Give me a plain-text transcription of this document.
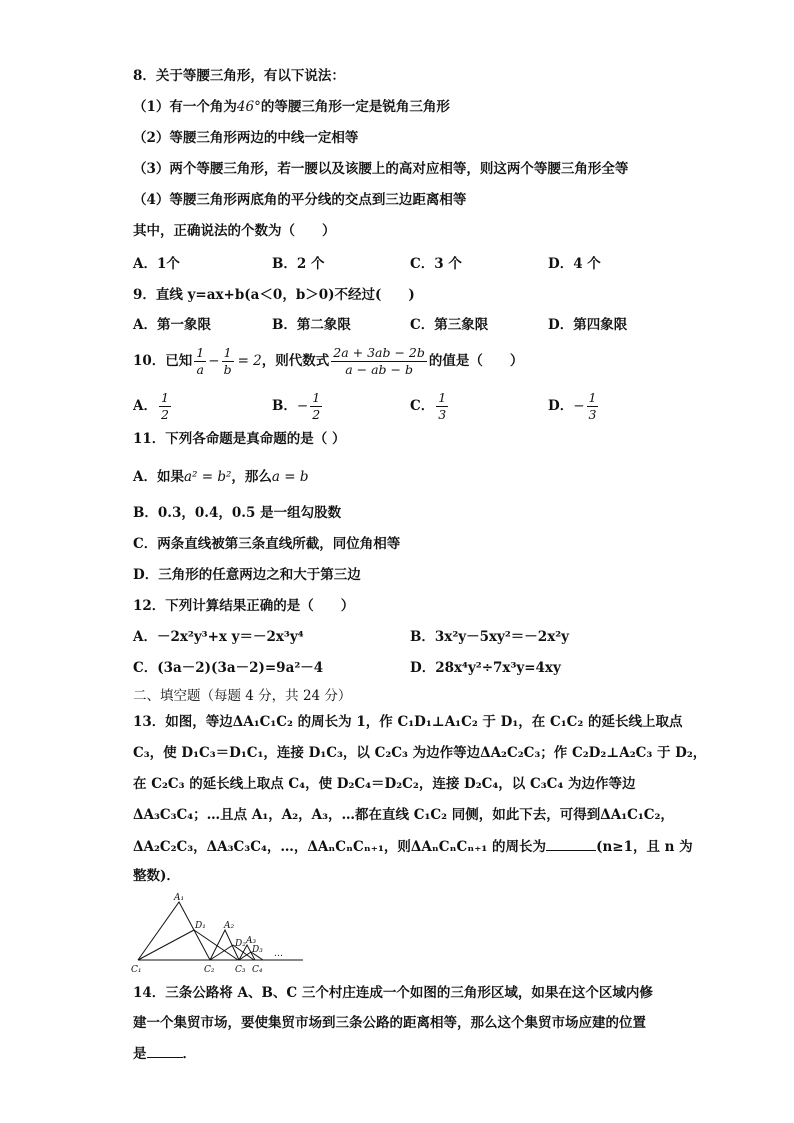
8．关于等腰三角形，有以下说法：
（1）有一个角为46°的等腰三角形一定是锐角三角形
（2）等腰三角形两边的中线一定相等
（3）两个等腰三角形，若一腰以及该腰上的高对应相等，则这两个等腰三角形全等
（4）等腰三角形两底角的平分线的交点到三边距离相等
其中，正确说法的个数为（　　）
A．1个	B．2 个	C．3 个	D．4 个
9．直线 y=ax+b(a＜0，b＞0)不经过(　　)
A．第一象限	B．第二象限	C．第三象限	D．第四象限
10．已知 $\frac{1}{a} - \frac{1}{b} = 2$ ，则代数式 $\frac{2a + 3ab - 2b}{a - ab - b}$ 的值是（　　）
A． $\frac{1}{2}$	B． − $\frac{1}{2}$	C． $\frac{1}{3}$	D． − $\frac{1}{3}$
11．下列各命题是真命题的是（ ）
A．如果a² = b²，那么a = b
B．0.3，0.4，0.5 是一组勾股数
C．两条直线被第三条直线所截，同位角相等
D．三角形的任意两边之和大于第三边
12．下列计算结果正确的是（　　）
A．－2x²y³+x y＝－2x³y⁴	B．3x²y－5xy²＝－2x²y
C．(3a－2)(3a－2)=9a²－4	D．28x⁴y²÷7x³y=4xy
二、填空题（每题 4 分，共 24 分）
13．如图，等边ΔA₁C₁C₂ 的周长为 1，作 C₁D₁⊥A₁C₂ 于 D₁，在 C₁C₂ 的延长线上取点
C₃，使 D₁C₃＝D₁C₁，连接 D₁C₃，以 C₂C₃ 为边作等边ΔA₂C₂C₃；作 C₂D₂⊥A₂C₃ 于 D₂，
在 C₂C₃ 的延长线上取点 C₄，使 D₂C₄＝D₂C₂，连接 D₂C₄，以 C₃C₄ 为边作等边
ΔA₃C₃C₄；…且点 A₁，A₂，A₃，…都在直线 C₁C₂ 同侧，如此下去，可得到ΔA₁C₁C₂，
ΔA₂C₂C₃，ΔA₃C₃C₄，…，ΔAₙCₙCₙ₊₁，则ΔAₙCₙCₙ₊₁ 的周长为	(n≥1，且 n 为
整数)．
A₁
D₁ A₂
D₂ A₃
D₃
C₁	C₂ C₃ C₄
…
14．三条公路将 A、B、C 三个村庄连成一个如图的三角形区域，如果在这个区域内修
建一个集贸市场，要使集贸市场到三条公路的距离相等，那么这个集贸市场应建的位置
是	．
